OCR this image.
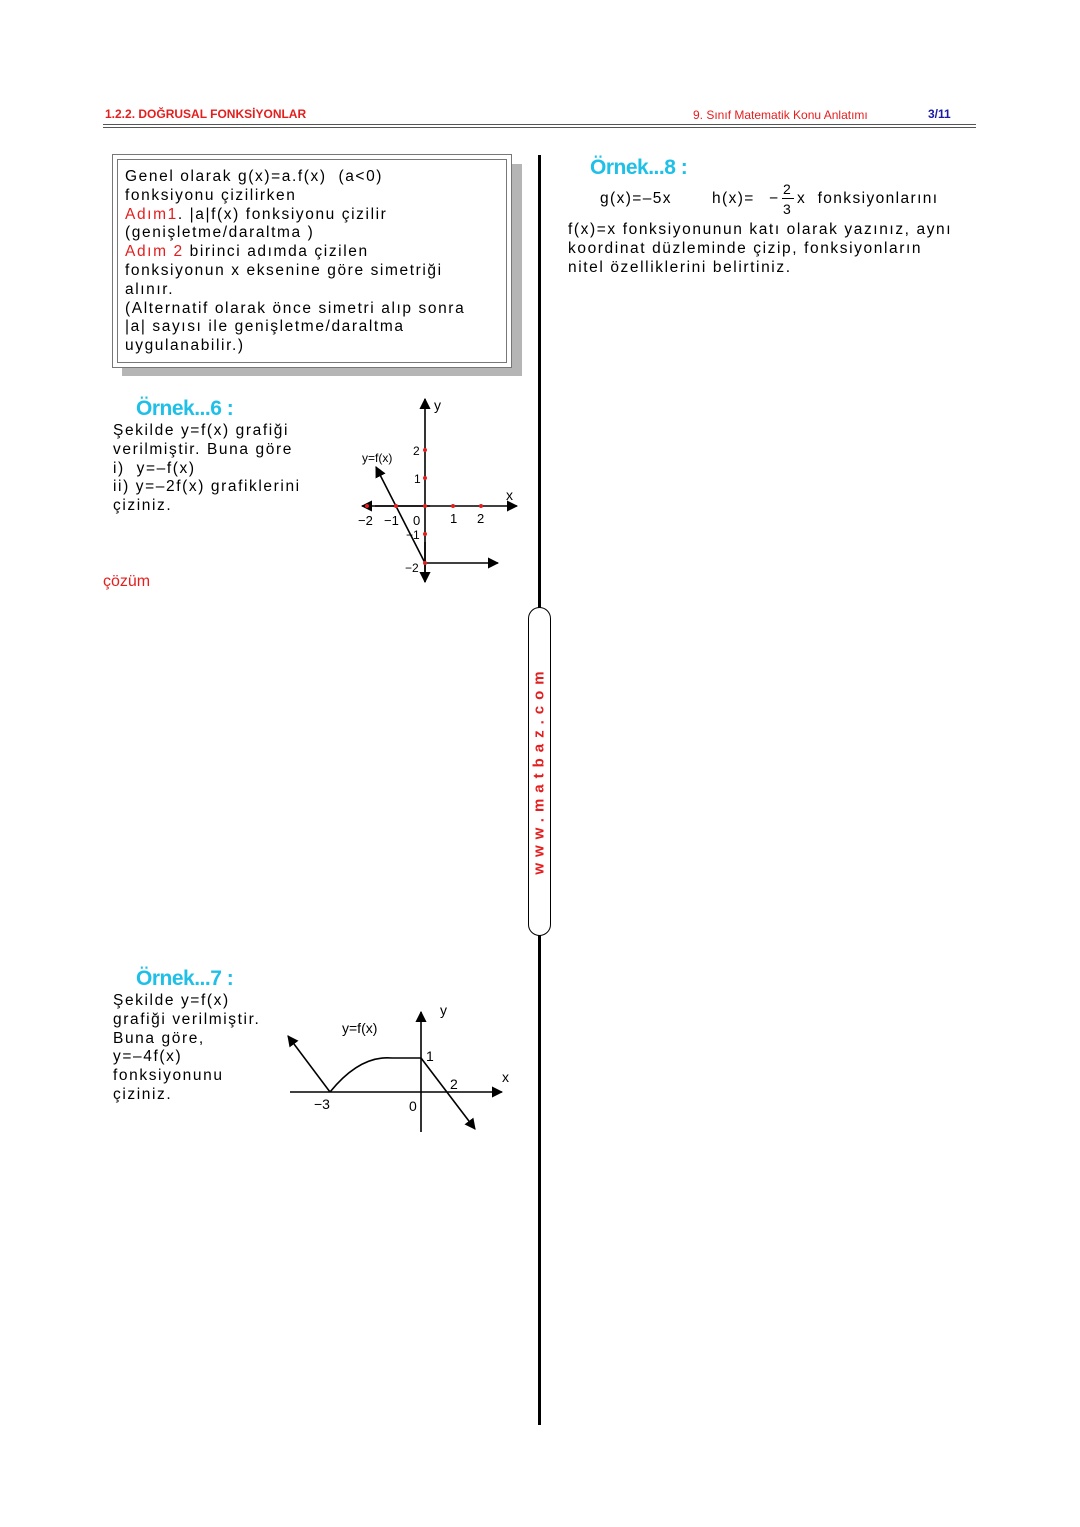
1.2.2. DOĞRUSAL FONKSİYONLAR	9. Sınıf Matematik Konu Anlatımı	3/11
www.matbaz.com
Genel olarak g(x)=a.f(x)  (a<0)
fonksiyonu çizilirken
Adım1. |a|f(x) fonksiyonu çizilir
(genişletme/daraltma )
Adım 2 birinci adımda çizilen
fonksiyonun x eksenine göre simetriği
alınır.
(Alternatif olarak önce simetri alıp sonra
|a| sayısı ile genişletme/daraltma
uygulanabilir.)
Örnek...6 :
Şekilde y=f(x) grafiği
verilmiştir. Buna göre
i)  y=–f(x)
ii) y=–2f(x) grafiklerini
çiziniz.
y
x
y=f(x) 2
1
−2 −1 0 1 2
−1
−2
çözüm
Örnek...7 :
Şekilde y=f(x)
grafiği verilmiştir.
Buna göre,
y=–4f(x)
fonksiyonunu
çiziniz.
y
x
y=f(x)
−3	0
1
2
Örnek...8 :
g(x)=–5x	h(x)= −
2
3
x  fonksiyonlarını
f(x)=x fonksiyonunun katı olarak yazınız, aynı
koordinat düzleminde çizip, fonksiyonların
nitel özelliklerini belirtiniz.
